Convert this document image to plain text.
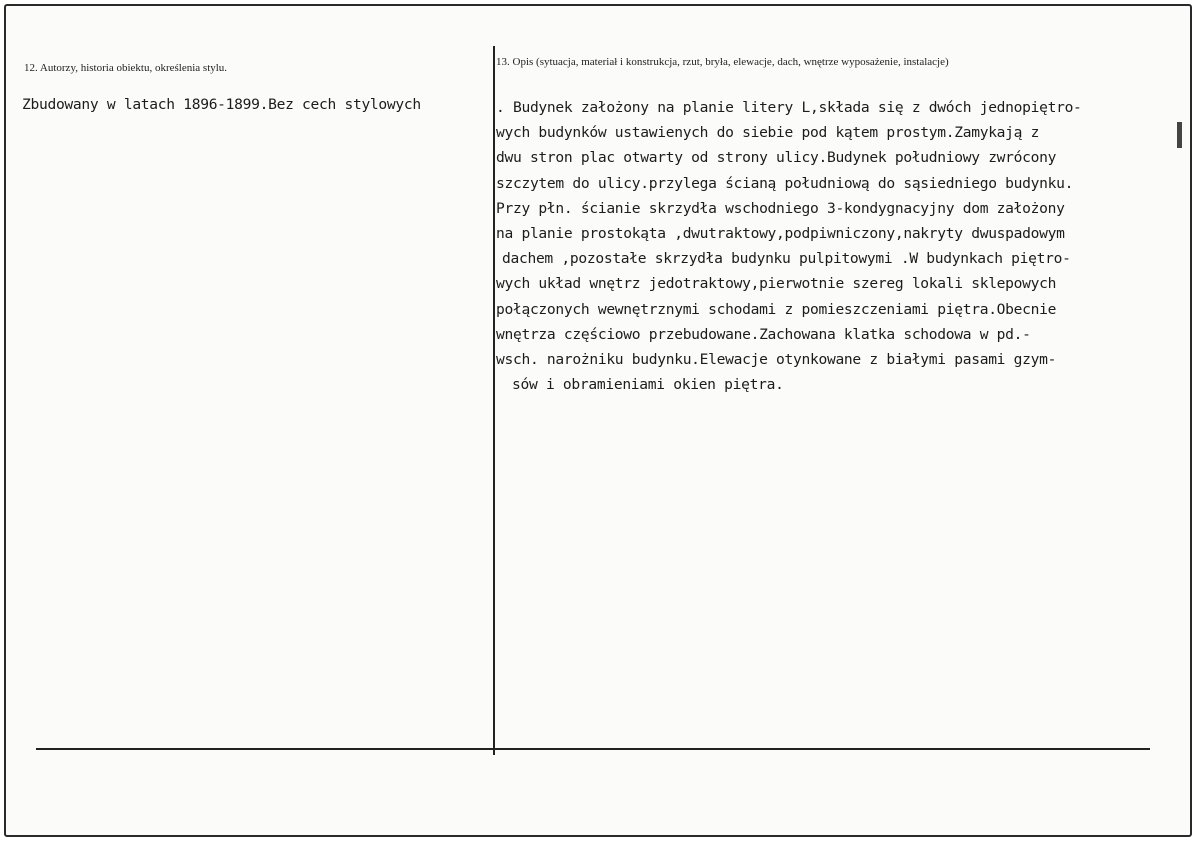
12. Autorzy, historia obiektu, określenia stylu.	13. Opis (sytuacja, materiał i konstrukcja, rzut, bryła, elewacje, dach, wnętrze wyposażenie, instalacje)
Zbudowany w latach 1896-1899.Bez cech stylowych	. Budynek założony na planie litery L,składa się z dwóch jednopiętro-
wych budynków ustawienych do siebie pod kątem prostym.Zamykają z
dwu stron plac otwarty od strony ulicy.Budynek południowy zwrócony
szczytem do ulicy.przylega ścianą południową do sąsiedniego budynku.
Przy płn. ścianie skrzydła wschodniego 3-kondygnacyjny dom założony
na planie prostokąta ,dwutraktowy,podpiwniczony,nakryty dwuspadowym
dachem ,pozostałe skrzydła budynku pulpitowymi .W budynkach piętro-
wych układ wnętrz jedotraktowy,pierwotnie szereg lokali sklepowych
połączonych wewnętrznymi schodami z pomieszczeniami piętra.Obecnie
wnętrza częściowo przebudowane.Zachowana klatka schodowa w pd.-
wsch. narożniku budynku.Elewacje otynkowane z białymi pasami gzym-
sów i obramieniami okien piętra.
